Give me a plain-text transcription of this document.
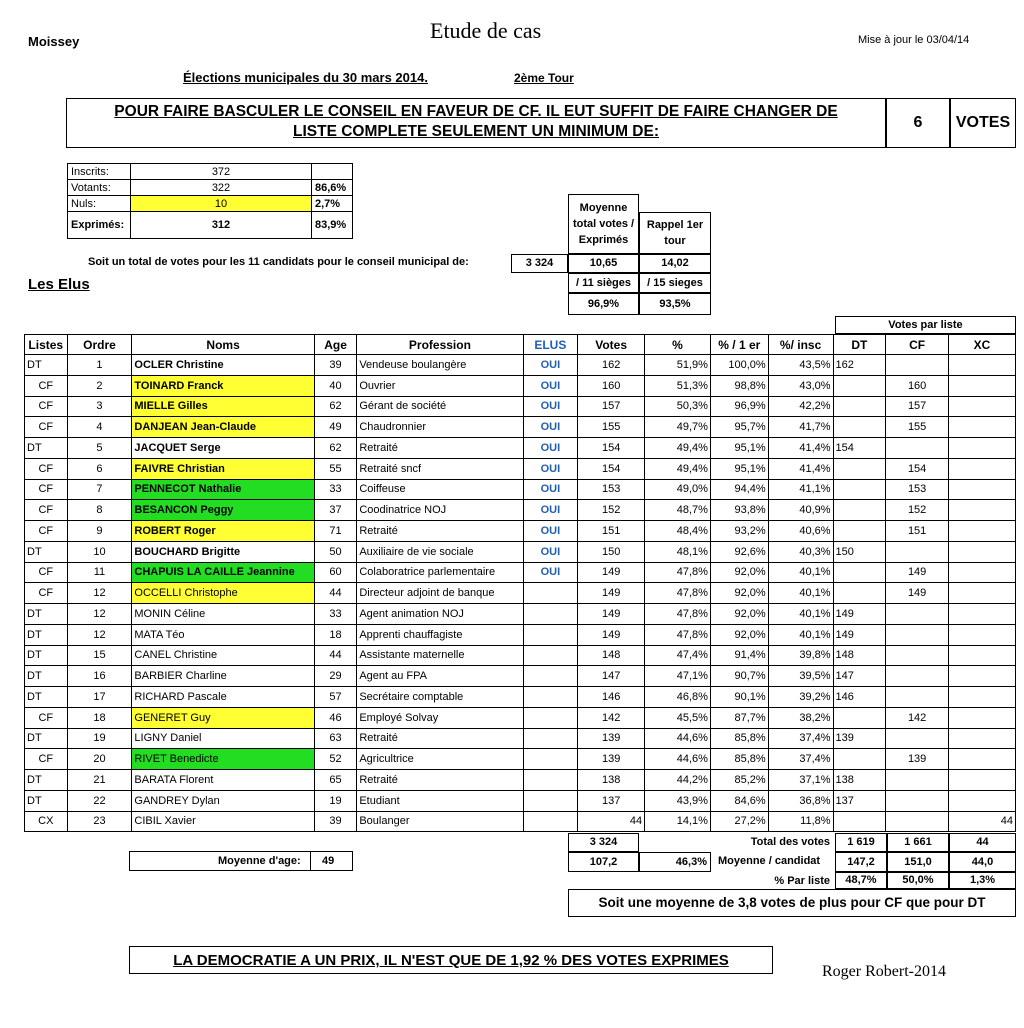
Moissey	Etude de cas	Mise à jour le 03/04/14
Élections municipales du 30 mars 2014.	2ème Tour
POUR FAIRE BASCULER LE CONSEIL EN FAVEUR DE CF. IL EUT SUFFIT DE FAIRE CHANGER DE
LISTE COMPLETE SEULEMENT UN MINIMUM DE:
6	VOTES
Inscrits:	372	
Votants:	322	86,6%
Nuls:	10	2,7%
Exprimés:	312	83,9%
Moyenne total votes / Exprimés
Rappel 1er tour
Soit un total de votes pour les 11 candidats pour le conseil municipal de:	3 324	10,65	14,02
/ 11 sièges	/ 15 sieges
96,9%	93,5%
Les Elus
Votes par liste
Listes	Ordre	Noms	Age	Profession	ELUS	Votes	%	% / 1 er	%/ insc	DT	CF	XC
DT	1	OCLER Christine	39	Vendeuse boulangère	OUI	162	51,9%	100,0%	43,5%	162		
CF	2	TOINARD Franck	40	Ouvrier	OUI	160	51,3%	98,8%	43,0%		160	
CF	3	MIELLE Gilles	62	Gérant de société	OUI	157	50,3%	96,9%	42,2%		157	
CF	4	DANJEAN Jean-Claude	49	Chaudronnier	OUI	155	49,7%	95,7%	41,7%		155	
DT	5	JACQUET Serge	62	Retraité	OUI	154	49,4%	95,1%	41,4%	154		
CF	6	FAIVRE Christian	55	Retraité sncf	OUI	154	49,4%	95,1%	41,4%		154	
CF	7	PENNECOT Nathalie	33	Coiffeuse	OUI	153	49,0%	94,4%	41,1%		153	
CF	8	BESANCON Peggy	37	Coodinatrice NOJ	OUI	152	48,7%	93,8%	40,9%		152	
CF	9	ROBERT Roger	71	Retraité	OUI	151	48,4%	93,2%	40,6%		151	
DT	10	BOUCHARD Brigitte	50	Auxiliaire de vie sociale	OUI	150	48,1%	92,6%	40,3%	150		
CF	11	CHAPUIS LA CAILLE Jeannine	60	Colaboratrice parlementaire	OUI	149	47,8%	92,0%	40,1%		149	
CF	12	OCCELLI Christophe	44	Directeur adjoint de banque		149	47,8%	92,0%	40,1%		149	
DT	12	MONIN Céline	33	Agent animation NOJ		149	47,8%	92,0%	40,1%	149		
DT	12	MATA Téo	18	Apprenti chauffagiste		149	47,8%	92,0%	40,1%	149		
DT	15	CANEL Christine	44	Assistante maternelle		148	47,4%	91,4%	39,8%	148		
DT	16	BARBIER Charline	29	Agent au FPA		147	47,1%	90,7%	39,5%	147		
DT	17	RICHARD Pascale	57	Secrétaire comptable		146	46,8%	90,1%	39,2%	146		
CF	18	GENERET Guy	46	Employé Solvay		142	45,5%	87,7%	38,2%		142	
DT	19	LIGNY Daniel	63	Retraité		139	44,6%	85,8%	37,4%	139		
CF	20	RIVET Benedicte	52	Agricultrice		139	44,6%	85,8%	37,4%		139	
DT	21	BARATA Florent	65	Retraité		138	44,2%	85,2%	37,1%	138		
DT	22	GANDREY Dylan	19	Etudiant		137	43,9%	84,6%	36,8%	137		
CX	23	CIBIL Xavier	39	Boulanger		44	14,1%	27,2%	11,8%			44
3 324	Total des votes	1 619	1 661	44
Moyenne d'age: 49	107,2	46,3%	Moyenne / candidat	147,2	151,0	44,0
% Par liste	48,7%	50,0%	1,3%
Soit une moyenne de 3,8 votes de plus pour CF que pour DT
LA DEMOCRATIE A UN PRIX, IL N'EST QUE DE 1,92 % DES VOTES EXPRIMES
Roger Robert-2014
